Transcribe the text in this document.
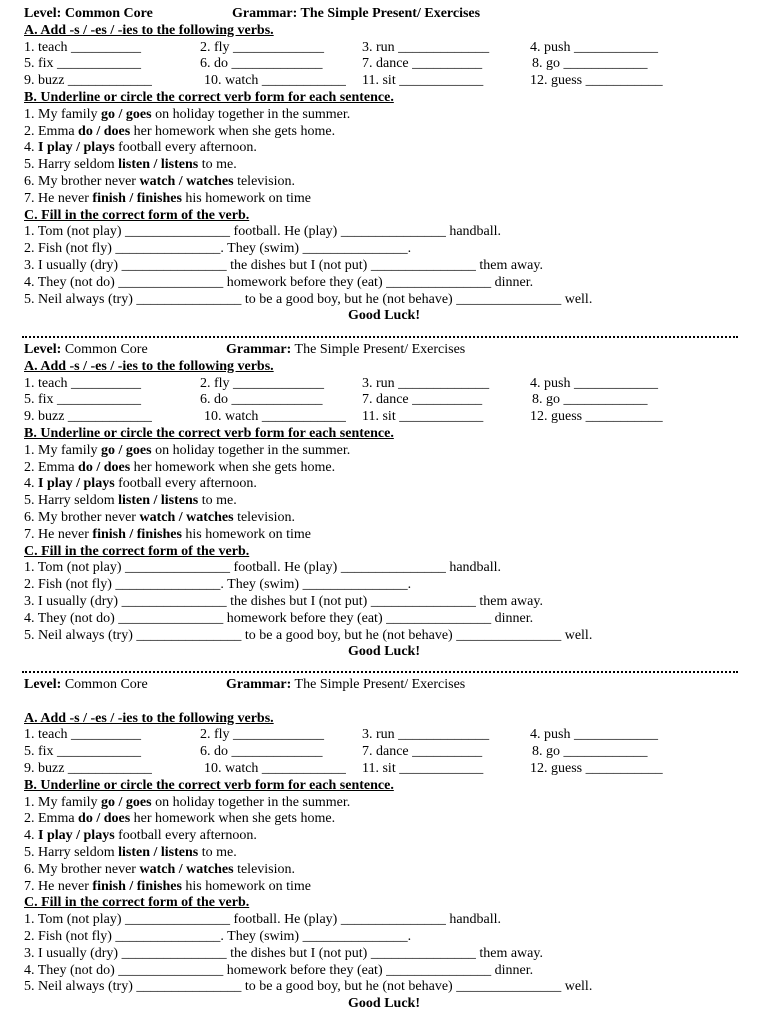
Level: Common Core	Grammar: The Simple Present/ Exercises
A. Add -s / -es / -ies to the following verbs.
1. teach __________	2. fly _____________	3. run _____________	4. push ____________
5. fix ____________	6. do _____________	7. dance __________	8. go ____________
9. buzz ____________	10. watch ____________ 11. sit ____________	12. guess ___________
B. Underline or circle the correct verb form for each sentence.
1. My family go / goes on holiday together in the summer.
2. Emma do / does her homework when she gets home.
4. I play / plays football every afternoon.
5. Harry seldom listen / listens to me.
6. My brother never watch / watches television.
7. He never finish / finishes his homework on time
C. Fill in the correct form of the verb.
1. Tom (not play) _______________ football. He (play) _______________ handball.
2. Fish (not fly) _______________. They (swim) _______________.
3. I usually (dry) _______________ the dishes but I (not put) _______________ them away.
4. They (not do) _______________ homework before they (eat) _______________ dinner.
5. Neil always (try) _______________ to be a good boy, but he (not behave) _______________ well.
Good Luck!
Level: Common Core	Grammar: The Simple Present/ Exercises
A. Add -s / -es / -ies to the following verbs.
1. teach __________	2. fly _____________	3. run _____________	4. push ____________
5. fix ____________	6. do _____________	7. dance __________	8. go ____________
9. buzz ____________	10. watch ____________ 11. sit ____________	12. guess ___________
B. Underline or circle the correct verb form for each sentence.
1. My family go / goes on holiday together in the summer.
2. Emma do / does her homework when she gets home.
4. I play / plays football every afternoon.
5. Harry seldom listen / listens to me.
6. My brother never watch / watches television.
7. He never finish / finishes his homework on time
C. Fill in the correct form of the verb.
1. Tom (not play) _______________ football. He (play) _______________ handball.
2. Fish (not fly) _______________. They (swim) _______________.
3. I usually (dry) _______________ the dishes but I (not put) _______________ them away.
4. They (not do) _______________ homework before they (eat) _______________ dinner.
5. Neil always (try) _______________ to be a good boy, but he (not behave) _______________ well.
Good Luck!
Level: Common Core	Grammar: The Simple Present/ Exercises
A. Add -s / -es / -ies to the following verbs.
1. teach __________	2. fly _____________	3. run _____________	4. push ____________
5. fix ____________	6. do _____________	7. dance __________	8. go ____________
9. buzz ____________	10. watch ____________ 11. sit ____________	12. guess ___________
B. Underline or circle the correct verb form for each sentence.
1. My family go / goes on holiday together in the summer.
2. Emma do / does her homework when she gets home.
4. I play / plays football every afternoon.
5. Harry seldom listen / listens to me.
6. My brother never watch / watches television.
7. He never finish / finishes his homework on time
C. Fill in the correct form of the verb.
1. Tom (not play) _______________ football. He (play) _______________ handball.
2. Fish (not fly) _______________. They (swim) _______________.
3. I usually (dry) _______________ the dishes but I (not put) _______________ them away.
4. They (not do) _______________ homework before they (eat) _______________ dinner.
5. Neil always (try) _______________ to be a good boy, but he (not behave) _______________ well.
Good Luck!
